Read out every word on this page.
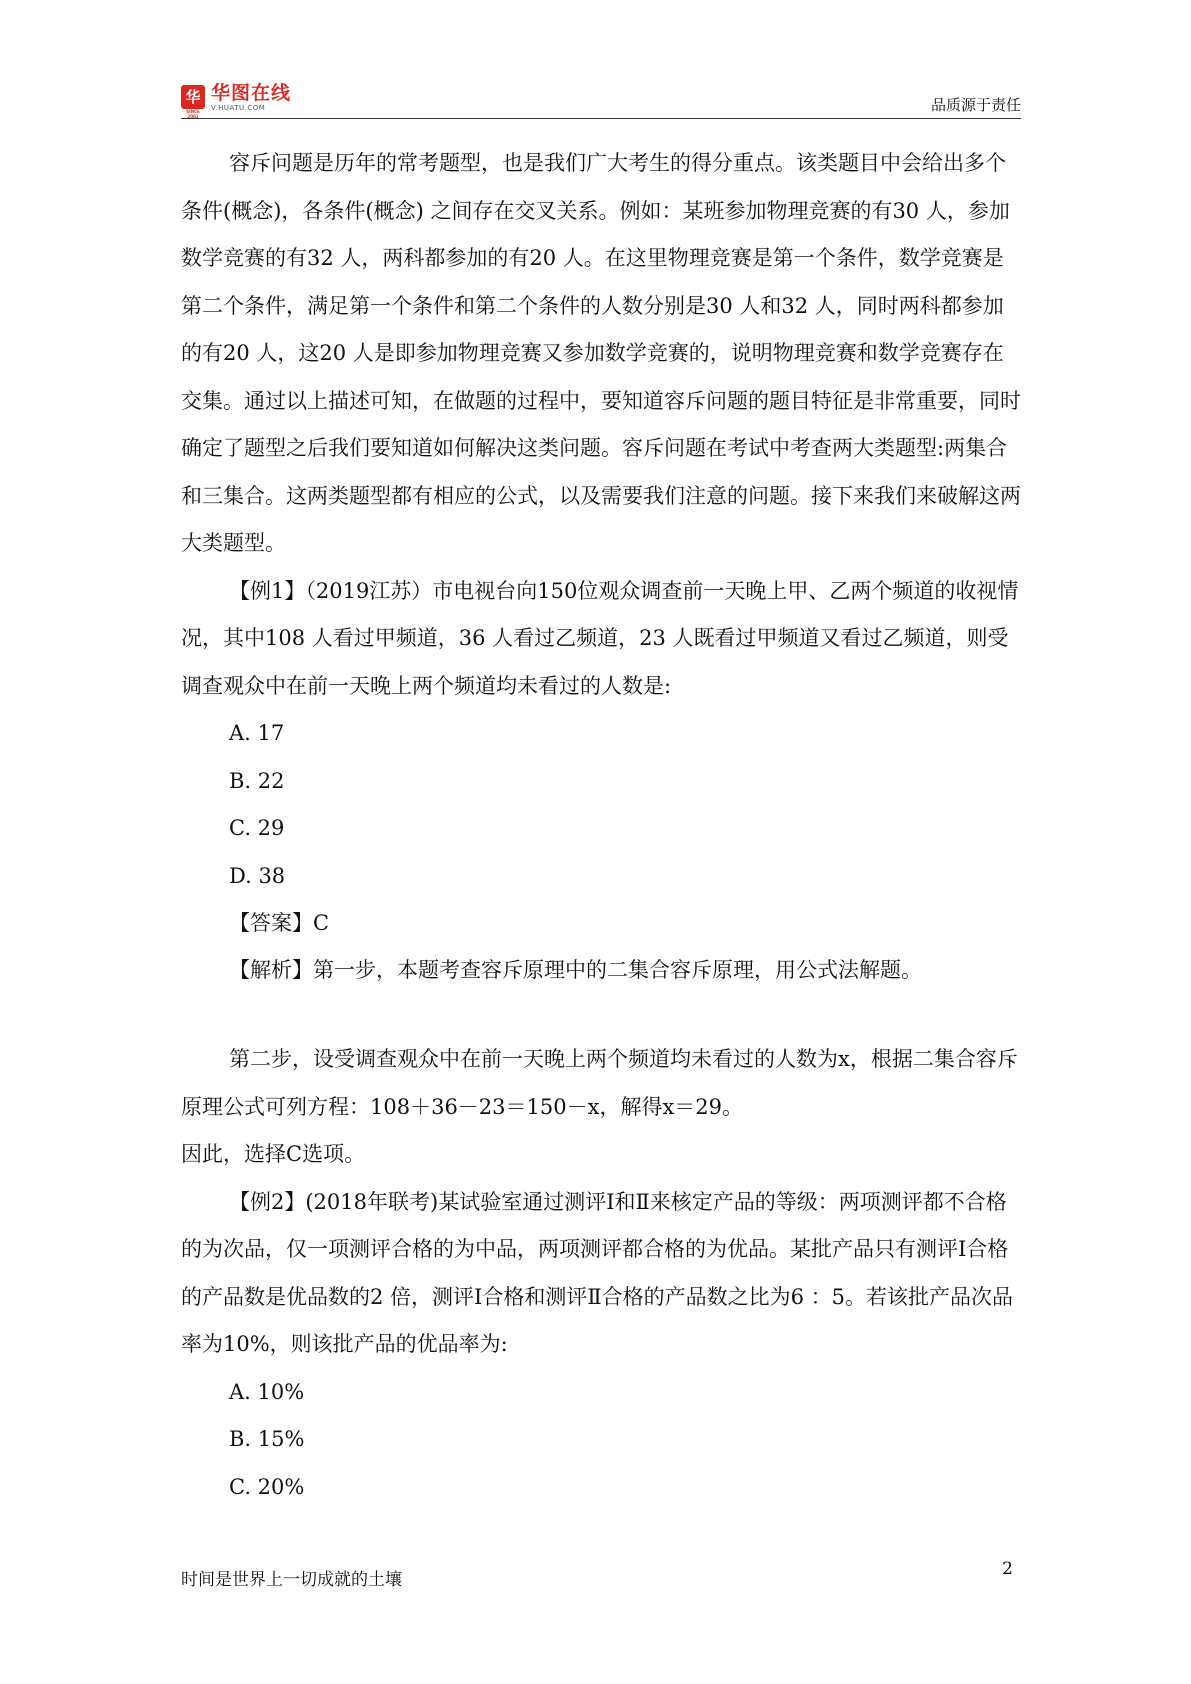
华
SINCE 2001
华图在线
V.HUATU.COM	品质源于责任

容斥问题是历年的常考题型，也是我们广大考生的得分重点。该类题目中会给出多个条件(概念)，各条件(概念) 之间存在交叉关系。例如：某班参加物理竞赛的有30 人，参加数学竞赛的有32 人，两科都参加的有20 人。在这里物理竞赛是第一个条件，数学竞赛是第二个条件，满足第一个条件和第二个条件的人数分别是30 人和32 人，同时两科都参加的有20 人，这20 人是即参加物理竞赛又参加数学竞赛的，说明物理竞赛和数学竞赛存在交集。通过以上描述可知，在做题的过程中，要知道容斥问题的题目特征是非常重要，同时确定了题型之后我们要知道如何解决这类问题。容斥问题在考试中考查两大类题型:两集合和三集合。这两类题型都有相应的公式，以及需要我们注意的问题。接下来我们来破解这两大类题型。

【例1】（2019江苏）市电视台向150位观众调查前一天晚上甲、乙两个频道的收视情况，其中108 人看过甲频道，36 人看过乙频道，23 人既看过甲频道又看过乙频道，则受调查观众中在前一天晚上两个频道均未看过的人数是:

A. 17

B. 22

C. 29

D. 38

【答案】C

【解析】第一步，本题考查容斥原理中的二集合容斥原理，用公式法解题。

第二步，设受调查观众中在前一天晚上两个频道均未看过的人数为x，根据二集合容斥原理公式可列方程：108＋36－23＝150－x，解得x＝29。

因此，选择C选项。

【例2】(2018年联考)某试验室通过测评Ⅰ和Ⅱ来核定产品的等级：两项测评都不合格的为次品，仅一项测评合格的为中品，两项测评都合格的为优品。某批产品只有测评Ⅰ合格的产品数是优品数的2 倍，测评Ⅰ合格和测评Ⅱ合格的产品数之比为6 ：5。若该批产品次品率为10%，则该批产品的优品率为:

A. 10%

B. 15%

C. 20%

时间是世界上一切成就的土壤
2
